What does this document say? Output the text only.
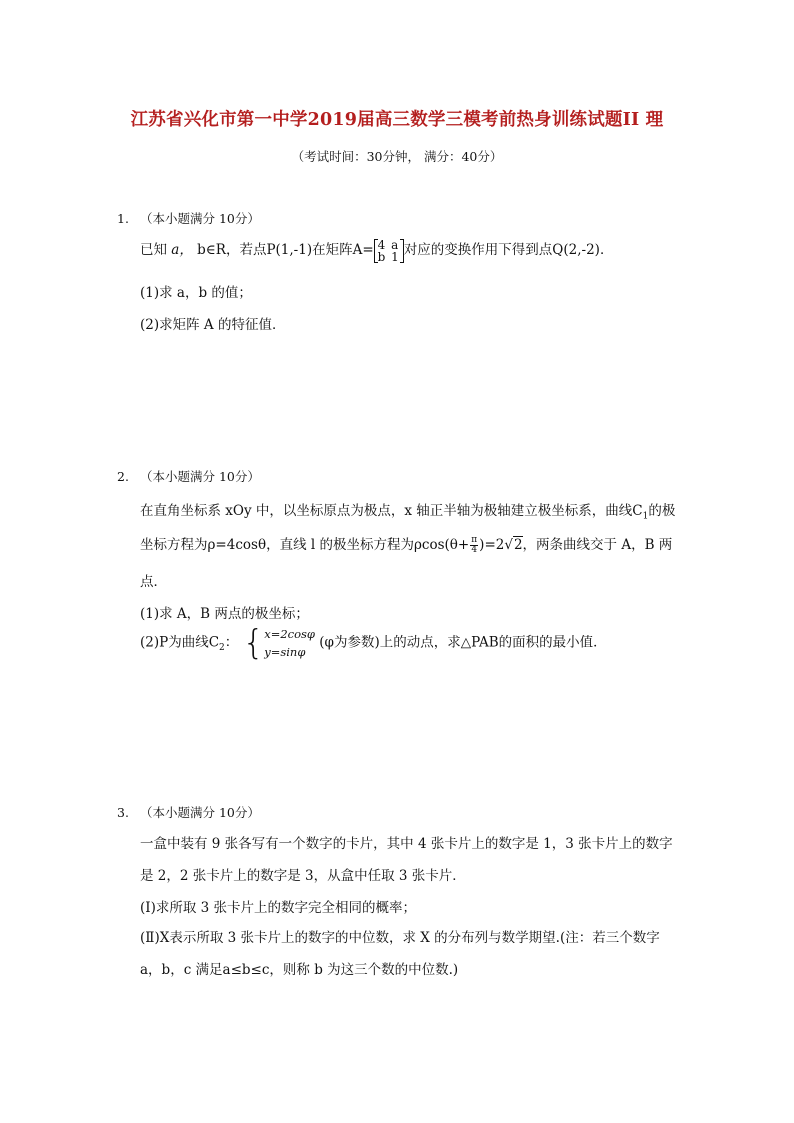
江苏省兴化市第一中学2019届高三数学三模考前热身训练试题II 理
（考试时间：30分钟， 满分：40分）
1. （本小题满分 10分）
已知 a， b∈R，若点P(1,-1)在矩阵A= 4 a
b 1 对应的变换作用下得到点Q(2,-2)．
(1)求 a，b 的值；
(2)求矩阵 A 的特征值．
2. （本小题满分 10分）
在直角坐标系 xOy 中，以坐标原点为极点，x 轴正半轴为极轴建立极坐标系，曲线$C_1$的极
坐标方程为ρ=4cosθ，直线 l 的极坐标方程为$\rho\cos(\theta+ \frac{\pi}{4} )=2√2$，两条曲线交于 A，B 两
点．
(1)求 A，B 两点的极坐标；
(2)P为曲线$C_2$： { x=2cosφ
y=sinφ
(φ为参数)上的动点，求△PAB的面积的最小值．
3. （本小题满分 10分）
一盒中装有 9 张各写有一个数字的卡片，其中 4 张卡片上的数字是 1，3 张卡片上的数字
是 2，2 张卡片上的数字是 3，从盒中任取 3 张卡片．
(Ⅰ)求所取 3 张卡片上的数字完全相同的概率；
(Ⅱ)X表示所取 3 张卡片上的数字的中位数，求 X 的分布列与数学期望.(注：若三个数字
a，b，c 满足a≤b≤c，则称 b 为这三个数的中位数.)
